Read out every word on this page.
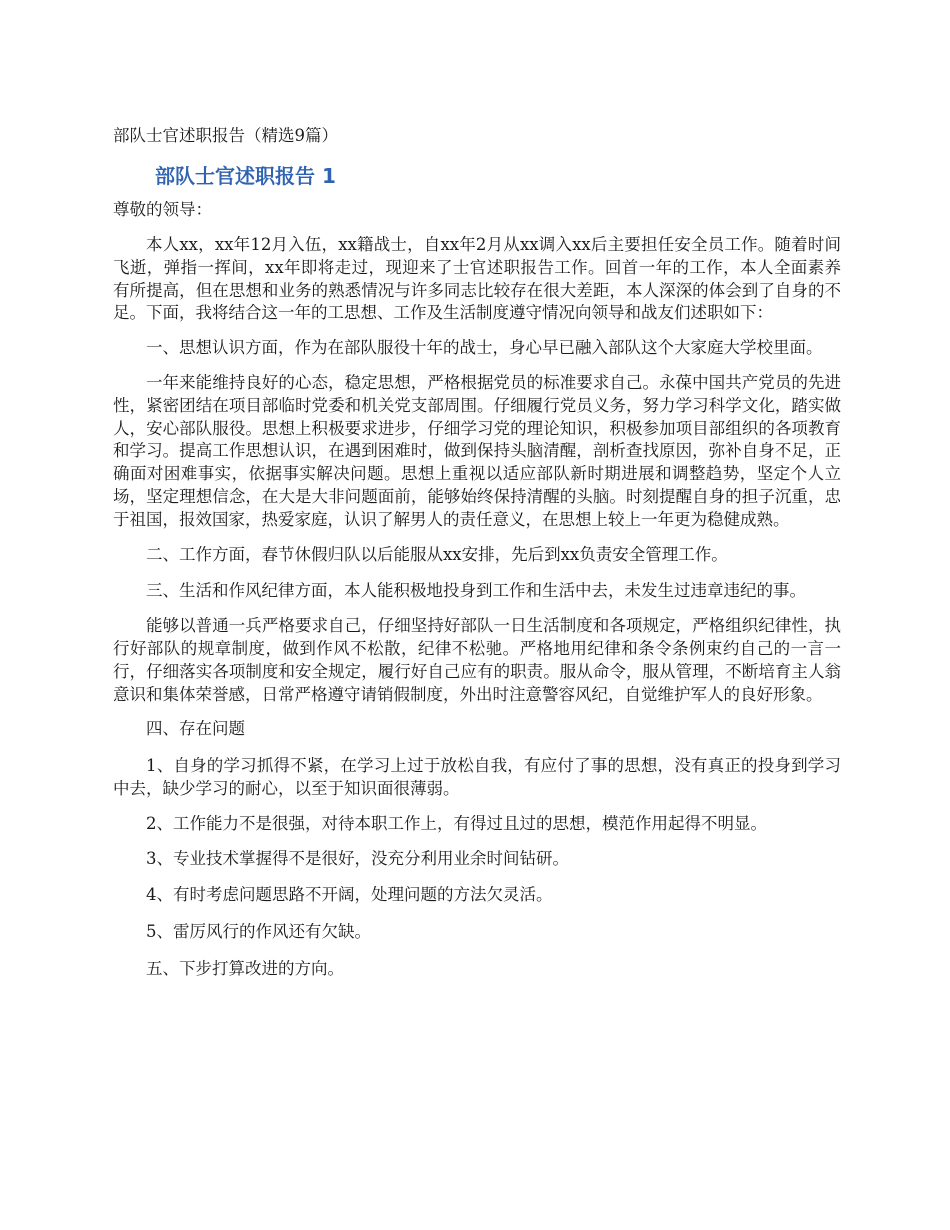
部队士官述职报告（精选9篇）
部队士官述职报告 1
尊敬的领导：

本人xx，xx年12月入伍，xx籍战士，自xx年2月从xx调入xx后主要担任安全员工作。随着时间飞逝，弹指一挥间，xx年即将走过，现迎来了士官述职报告工作。回首一年的工作，本人全面素养有所提高，但在思想和业务的熟悉情况与许多同志比较存在很大差距，本人深深的体会到了自身的不足。下面，我将结合这一年的工思想、工作及生活制度遵守情况向领导和战友们述职如下：

一、思想认识方面，作为在部队服役十年的战士，身心早已融入部队这个大家庭大学校里面。

一年来能维持良好的心态，稳定思想，严格根据党员的标准要求自己。永葆中国共产党员的先进性，紧密团结在项目部临时党委和机关党支部周围。仔细履行党员义务，努力学习科学文化，踏实做人，安心部队服役。思想上积极要求进步，仔细学习党的理论知识，积极参加项目部组织的各项教育和学习。提高工作思想认识，在遇到困难时，做到保持头脑清醒，剖析查找原因，弥补自身不足，正确面对困难事实，依据事实解决问题。思想上重视以适应部队新时期进展和调整趋势，坚定个人立场，坚定理想信念，在大是大非问题面前，能够始终保持清醒的头脑。时刻提醒自身的担子沉重，忠于祖国，报效国家，热爱家庭，认识了解男人的责任意义，在思想上较上一年更为稳健成熟。

二、工作方面，春节休假归队以后能服从xx安排，先后到xx负责安全管理工作。

三、生活和作风纪律方面，本人能积极地投身到工作和生活中去，未发生过违章违纪的事。

能够以普通一兵严格要求自己，仔细坚持好部队一日生活制度和各项规定，严格组织纪律性，执行好部队的规章制度，做到作风不松散，纪律不松驰。严格地用纪律和条令条例束约自己的一言一行，仔细落实各项制度和安全规定，履行好自己应有的职责。服从命令，服从管理，不断培育主人翁意识和集体荣誉感，日常严格遵守请销假制度，外出时注意警容风纪，自觉维护军人的良好形象。

四、存在问题

1、自身的学习抓得不紧，在学习上过于放松自我，有应付了事的思想，没有真正的投身到学习中去，缺少学习的耐心，以至于知识面很薄弱。

2、工作能力不是很强，对待本职工作上，有得过且过的思想，模范作用起得不明显。

3、专业技术掌握得不是很好，没充分利用业余时间钻研。

4、有时考虑问题思路不开阔，处理问题的方法欠灵活。

5、雷厉风行的作风还有欠缺。

五、下步打算改进的方向。
